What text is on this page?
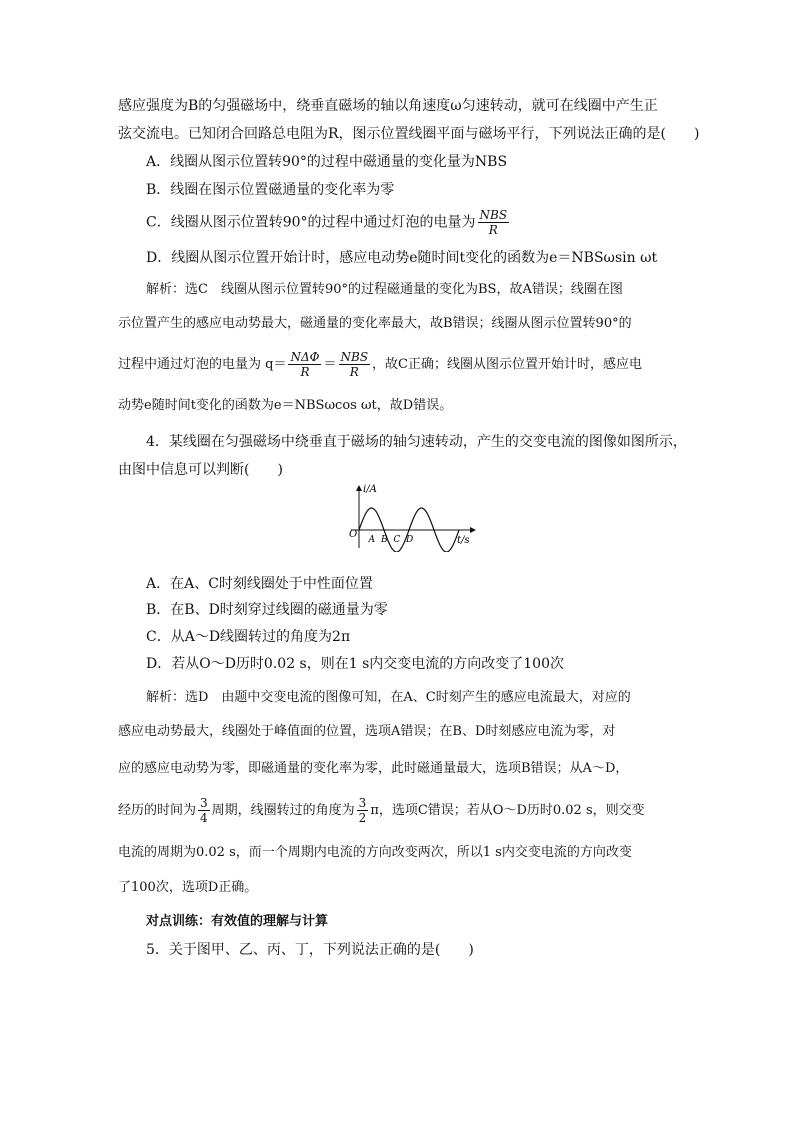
感应强度为B的匀强磁场中，绕垂直磁场的轴以角速度ω匀速转动，就可在线圈中产生正
弦交流电。已知闭合回路总电阻为R，图示位置线圈平面与磁场平行，下列说法正确的是(　　)
A．线圈从图示位置转90°的过程中磁通量的变化量为NBS
B．线圈在图示位置磁通量的变化率为零
C．线圈从图示位置转90°的过程中通过灯泡的电量为 $\frac{\text{NBS}}{R}$
D．线圈从图示位置开始计时，感应电动势e随时间t变化的函数为e＝NBSωsin ωt
解析：选C　线圈从图示位置转90°的过程磁通量的变化为BS，故A错误；线圈在图
示位置产生的感应电动势最大，磁通量的变化率最大，故B错误；线圈从图示位置转90°的
过程中通过灯泡的电量为 $q= \frac{\text{NΔΦ}}{R} = \frac{\text{NBS}}{R}$ ，故C正确；线圈从图示位置开始计时，感应电
动势e随时间t变化的函数为e＝NBSωcos ωt，故D错误。
4．某线圈在匀强磁场中绕垂直于磁场的轴匀速转动，产生的交变电流的图像如图所示，
由图中信息可以判断(　　)
i/A
t/s
O A B C D
A．在A、C时刻线圈处于中性面位置
B．在B、D时刻穿过线圈的磁通量为零
C．从A～D线圈转过的角度为2π
D．若从O～D历时0.02 s，则在1 s内交变电流的方向改变了100次
解析：选D　由题中交变电流的图像可知，在A、C时刻产生的感应电流最大，对应的
感应电动势最大，线圈处于峰值面的位置，选项A错误；在B、D时刻感应电流为零，对
应的感应电动势为零，即磁通量的变化率为零，此时磁通量最大，选项B错误；从A～D，
经历的时间为 $\frac{3}{4}$ 周期，线圈转过的角度为 $\frac{3}{2}$ π，选项C错误；若从O～D历时0.02 s，则交变
电流的周期为0.02 s，而一个周期内电流的方向改变两次，所以1 s内交变电流的方向改变
了100次，选项D正确。
对点训练：有效值的理解与计算
5．关于图甲、乙、丙、丁，下列说法正确的是(　　)
